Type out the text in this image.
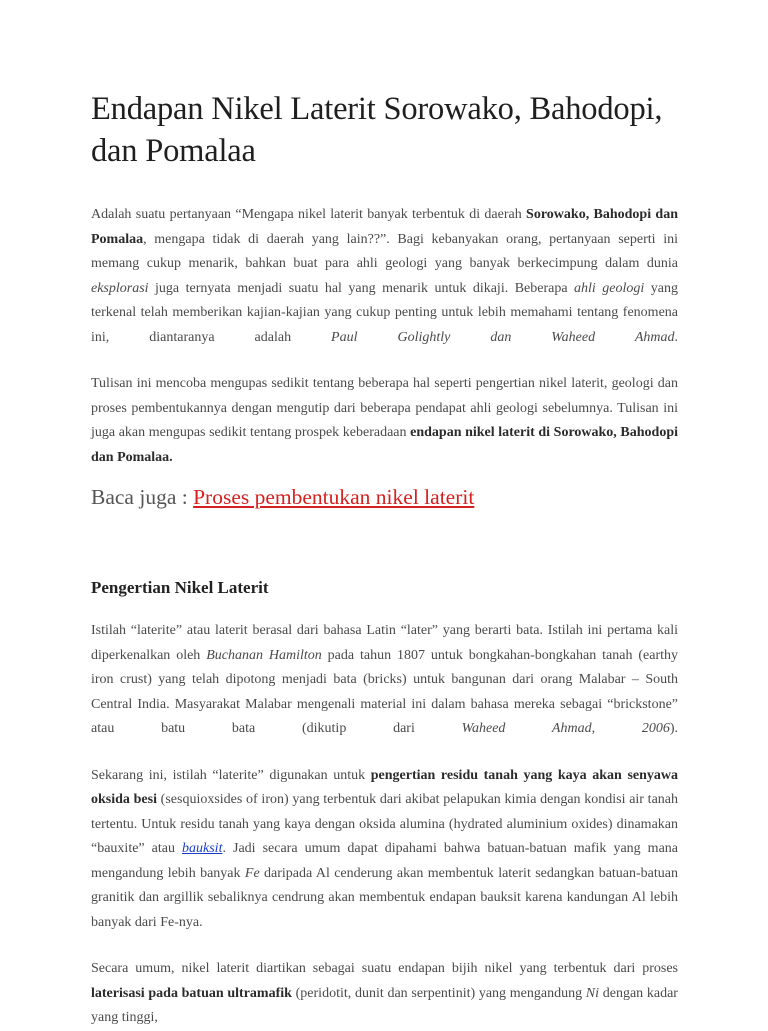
Endapan Nikel Laterit Sorowako, Bahodopi, dan Pomalaa

Adalah suatu pertanyaan “Mengapa nikel laterit banyak terbentuk di daerah Sorowako, Bahodopi dan Pomalaa, mengapa tidak di daerah yang lain??”. Bagi kebanyakan orang, pertanyaan seperti ini memang cukup menarik, bahkan buat para ahli geologi yang banyak berkecimpung dalam dunia eksplorasi juga ternyata menjadi suatu hal yang menarik untuk dikaji. Beberapa ahli geologi yang terkenal telah memberikan kajian-kajian yang cukup penting untuk lebih memahami tentang fenomena ini, diantaranya adalah Paul Golightly dan Waheed Ahmad.

Tulisan ini mencoba mengupas sedikit tentang beberapa hal seperti pengertian nikel laterit, geologi dan proses pembentukannya dengan mengutip dari beberapa pendapat ahli geologi sebelumnya. Tulisan ini juga akan mengupas sedikit tentang prospek keberadaan endapan nikel laterit di Sorowako, Bahodopi dan Pomalaa.

Baca juga : Proses pembentukan nikel laterit

Pengertian Nikel Laterit

Istilah “laterite” atau laterit berasal dari bahasa Latin “later” yang berarti bata. Istilah ini pertama kali diperkenalkan oleh Buchanan Hamilton pada tahun 1807 untuk bongkahan-bongkahan tanah (earthy iron crust) yang telah dipotong menjadi bata (bricks) untuk bangunan dari orang Malabar – South Central India. Masyarakat Malabar mengenali material ini dalam bahasa mereka sebagai “brickstone” atau batu bata (dikutip dari Waheed Ahmad, 2006).

Sekarang ini, istilah “laterite” digunakan untuk pengertian residu tanah yang kaya akan senyawa oksida besi (sesquioxsides of iron) yang terbentuk dari akibat pelapukan kimia dengan kondisi air tanah tertentu. Untuk residu tanah yang kaya dengan oksida alumina (hydrated aluminium oxides) dinamakan “bauxite” atau bauksit. Jadi secara umum dapat dipahami bahwa batuan-batuan mafik yang mana mengandung lebih banyak Fe daripada Al cenderung akan membentuk laterit sedangkan batuan-batuan granitik dan argillik sebaliknya cendrung akan membentuk endapan bauksit karena kandungan Al lebih banyak dari Fe-nya.

Secara umum, nikel laterit diartikan sebagai suatu endapan bijih nikel yang terbentuk dari proses laterisasi pada batuan ultramafik (peridotit, dunit dan serpentinit) yang mengandung Ni dengan kadar yang tinggi,
